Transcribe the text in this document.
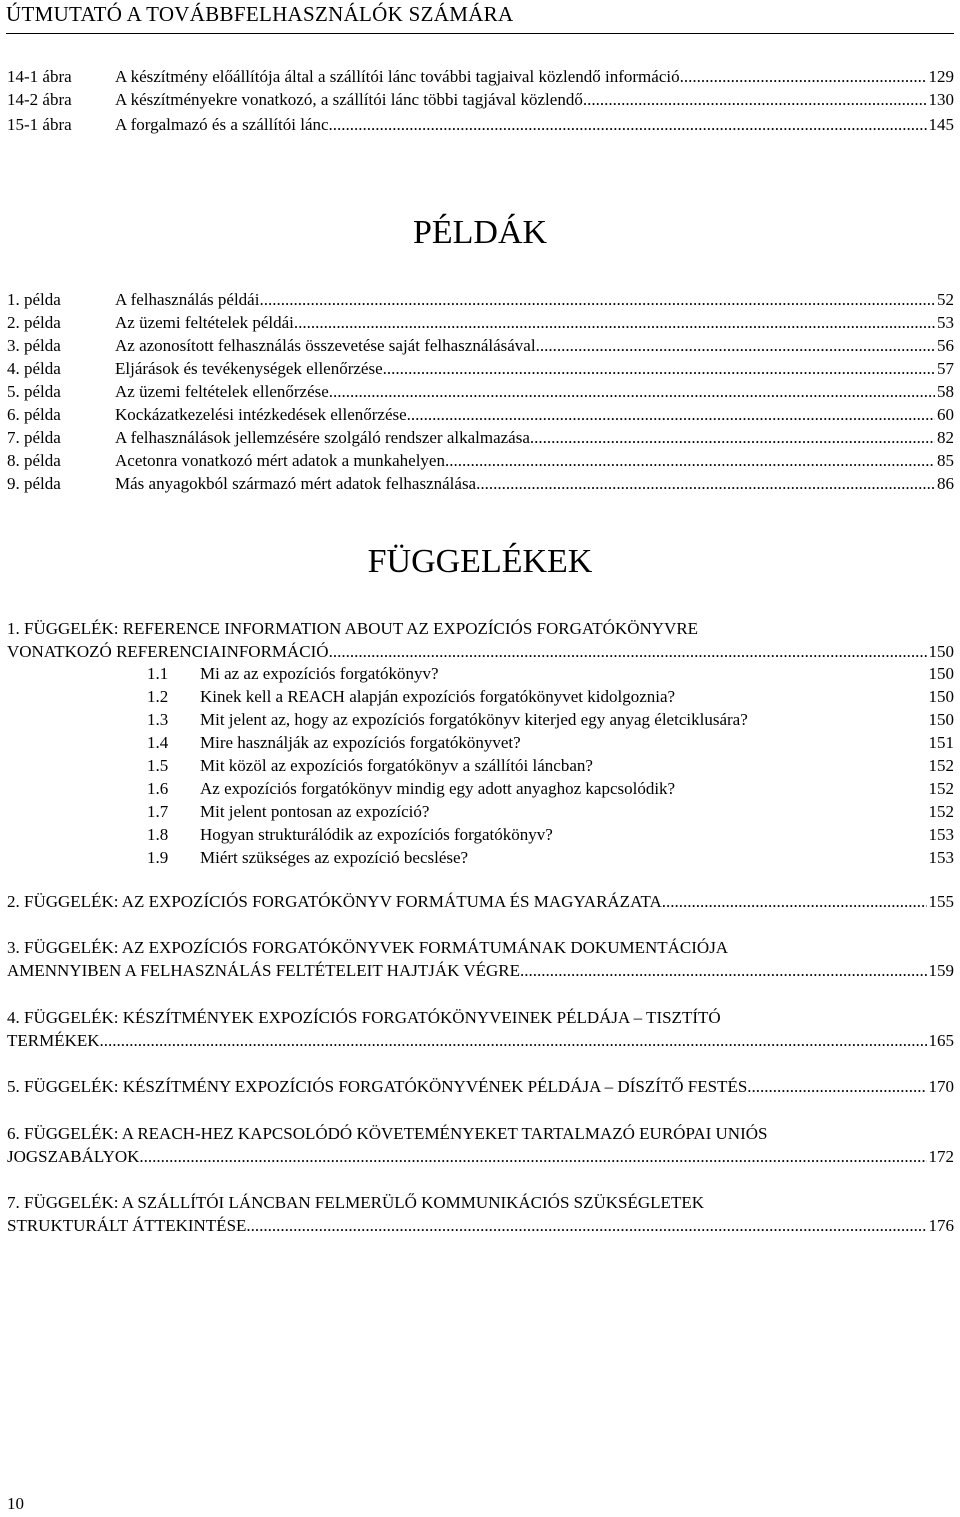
ÚTMUTATÓ A TOVÁBBFELHASZNÁLÓK SZÁMÁRA
14-1 ábra	A készítmény előállítója által a szállítói lánc további tagjaival közlendő információ .....	129
14-2 ábra	A készítményekre vonatkozó, a szállítói lánc többi tagjával közlendő .....	130
15-1 ábra	A forgalmazó és a szállítói lánc .....	145
PÉLDÁK
1. példa	A felhasználás példái .....	52
2. példa	Az üzemi feltételek példái .....	53
3. példa	Az azonosított felhasználás összevetése saját felhasználásával .....	56
4. példa	Eljárások és tevékenységek ellenőrzése .....	57
5. példa	Az üzemi feltételek ellenőrzése .....	58
6. példa	Kockázatkezelési intézkedések ellenőrzése .....	60
7. példa	A felhasználások jellemzésére szolgáló rendszer alkalmazása .....	82
8. példa	Acetonra vonatkozó mért adatok a munkahelyen .....	85
9. példa	Más anyagokból származó mért adatok felhasználása .....	86
FÜGGELÉKEK
1. FÜGGELÉK: REFERENCE INFORMATION ABOUT AZ EXPOZÍCIÓS FORGATÓKÖNYVRE
VONATKOZÓ REFERENCIAINFORMÁCIÓ .....	150
1.1	Mi az az expozíciós forgatókönyv?	150
1.2	Kinek kell a REACH alapján expozíciós forgatókönyvet kidolgoznia?	150
1.3	Mit jelent az, hogy az expozíciós forgatókönyv kiterjed egy anyag életciklusára?	150
1.4	Mire használják az expozíciós forgatókönyvet?	151
1.5	Mit közöl az expozíciós forgatókönyv a szállítói láncban?	152
1.6	Az expozíciós forgatókönyv mindig egy adott anyaghoz kapcsolódik?	152
1.7	Mit jelent pontosan az expozíció?	152
1.8	Hogyan strukturálódik az expozíciós forgatókönyv?	153
1.9	Miért szükséges az expozíció becslése?	153
2. FÜGGELÉK: AZ EXPOZÍCIÓS FORGATÓKÖNYV FORMÁTUMA ÉS MAGYARÁZATA .....	155
3. FÜGGELÉK: AZ EXPOZÍCIÓS FORGATÓKÖNYVEK FORMÁTUMÁNAK DOKUMENTÁCIÓJA
AMENNYIBEN A FELHASZNÁLÁS FELTÉTELEIT HAJTJÁK VÉGRE .....	159
4. FÜGGELÉK: KÉSZÍTMÉNYEK EXPOZÍCIÓS FORGATÓKÖNYVEINEK PÉLDÁJA – TISZTÍTÓ
TERMÉKEK .....	165
5. FÜGGELÉK: KÉSZÍTMÉNY EXPOZÍCIÓS FORGATÓKÖNYVÉNEK PÉLDÁJA – DÍSZÍTŐ FESTÉS .....	170
6. FÜGGELÉK: A REACH-HEZ KAPCSOLÓDÓ KÖVETEMÉNYEKET TARTALMAZÓ EURÓPAI UNIÓS
JOGSZABÁLYOK .....	172
7. FÜGGELÉK: A SZÁLLÍTÓI LÁNCBAN FELMERÜLŐ KOMMUNIKÁCIÓS SZÜKSÉGLETEK
STRUKTURÁLT ÁTTEKINTÉSE .....	176
10
